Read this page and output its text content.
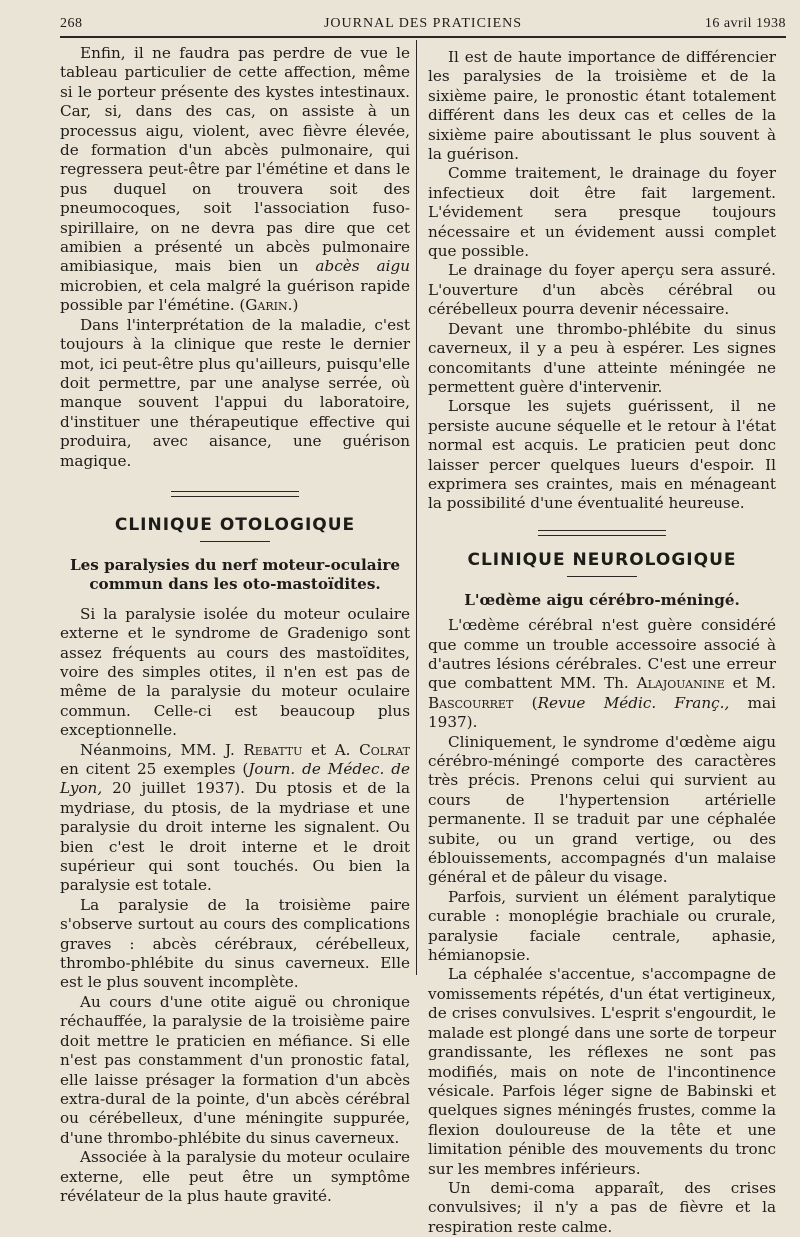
268	JOURNAL DES PRATICIENS	16 avril 1938

Enfin, il ne faudra pas perdre de vue le tableau particulier de cette affection, même si le porteur présente des kystes intestinaux. Car, si, dans des cas, on assiste à un processus aigu, violent, avec fièvre élevée, de formation d'un abcès pulmonaire, qui regressera peut-être par l'émétine et dans le pus duquel on trouvera soit des pneumocoques, soit l'association fuso-spirillaire, on ne devra pas dire que cet amibien a présenté un abcès pulmonaire amibiasique, mais bien un abcès aigu microbien, et cela malgré la guérison rapide possible par l'émétine. (Garin.)

Dans l'interprétation de la maladie, c'est toujours à la clinique que reste le dernier mot, ici peut-être plus qu'ailleurs, puisqu'elle doit permettre, par une analyse serrée, où manque souvent l'appui du laboratoire, d'instituer une thérapeutique effective qui produira, avec aisance, une guérison magique.

CLINIQUE OTOLOGIQUE
Les paralysies du nerf moteur-oculaire commun dans les oto-mastoïdites.

Si la paralysie isolée du moteur oculaire externe et le syndrome de Gradenigo sont assez fréquents au cours des mastoïdites, voire des simples otites, il n'en est pas de même de la paralysie du moteur oculaire commun. Celle-ci est beaucoup plus exceptionnelle.

Néanmoins, MM. J. Rebattu et A. Colrat en citent 25 exemples (Journ. de Médec. de Lyon, 20 juillet 1937). Du ptosis et de la mydriase, du ptosis, de la mydriase et une paralysie du droit interne les signalent. Ou bien c'est le droit interne et le droit supérieur qui sont touchés. Ou bien la paralysie est totale.

La paralysie de la troisième paire s'observe surtout au cours des complications graves : abcès cérébraux, cérébelleux, thrombo-phlébite du sinus caverneux. Elle est le plus souvent incomplète.

Au cours d'une otite aiguë ou chronique réchauffée, la paralysie de la troisième paire doit mettre le praticien en méfiance. Si elle n'est pas constamment d'un pronostic fatal, elle laisse présager la formation d'un abcès extra-dural de la pointe, d'un abcès cérébral ou cérébelleux, d'une méningite suppurée, d'une thrombo-phlébite du sinus caverneux.

Associée à la paralysie du moteur oculaire externe, elle peut être un symptôme révélateur de la plus haute gravité.

Il est de haute importance de différencier les paralysies de la troisième et de la sixième paire, le pronostic étant totalement différent dans les deux cas et celles de la sixième paire aboutissant le plus souvent à la guérison.

Comme traitement, le drainage du foyer infectieux doit être fait largement. L'évidement sera presque toujours nécessaire et un évidement aussi complet que possible.

Le drainage du foyer aperçu sera assuré. L'ouverture d'un abcès cérébral ou cérébelleux pourra devenir nécessaire.

Devant une thrombo-phlébite du sinus caverneux, il y a peu à espérer. Les signes concomitants d'une atteinte méningée ne permettent guère d'intervenir.

Lorsque les sujets guérissent, il ne persiste aucune séquelle et le retour à l'état normal est acquis. Le praticien peut donc laisser percer quelques lueurs d'espoir. Il exprimera ses craintes, mais en ménageant la possibilité d'une éventualité heureuse.

CLINIQUE NEUROLOGIQUE
L'œdème aigu cérébro-méningé.

L'œdème cérébral n'est guère considéré que comme un trouble accessoire associé à d'autres lésions cérébrales. C'est une erreur que combattent MM. Th. Alajouanine et M. Bascourret (Revue Médic. Franç., mai 1937).

Cliniquement, le syndrome d'œdème aigu cérébro-méningé comporte des caractères très précis. Prenons celui qui survient au cours de l'hypertension artérielle permanente. Il se traduit par une céphalée subite, ou un grand vertige, ou des éblouissements, accompagnés d'un malaise général et de pâleur du visage.

Parfois, survient un élément paralytique curable : monoplégie brachiale ou crurale, paralysie faciale centrale, aphasie, hémianopsie.

La céphalée s'accentue, s'accompagne de vomissements répétés, d'un état vertigineux, de crises convulsives. L'esprit s'engourdit, le malade est plongé dans une sorte de torpeur grandissante, les réflexes ne sont pas modifiés, mais on note de l'incontinence vésicale. Parfois léger signe de Babinski et quelques signes méningés frustes, comme la flexion douloureuse de la tête et une limitation pénible des mouvements du tronc sur les membres inférieurs.

Un demi-coma apparaît, des crises convulsives; il n'y a pas de fièvre et la respiration reste calme.
